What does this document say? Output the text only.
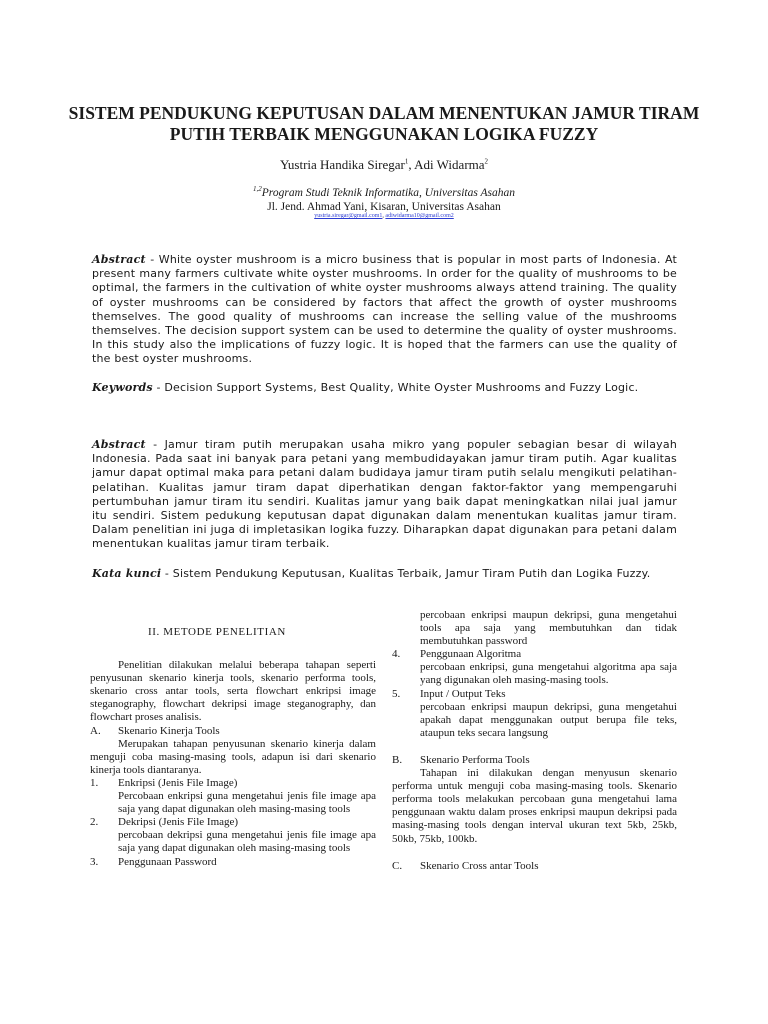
SISTEM PENDUKUNG KEPUTUSAN DALAM MENENTUKAN JAMUR TIRAM PUTIH TERBAIK MENGGUNAKAN LOGIKA FUZZY

Yustria Handika Siregar$^1$, Adi Widarma$^2$

$^{1,2}$Program Studi Teknik Informatika, Universitas Asahan

Jl. Jend. Ahmad Yani, Kisaran, Universitas Asahan

yustria.siregar@gmail.com1, adiwidarma10@gmail.com2

Abstract - White oyster mushroom is a micro business that is popular in most parts of Indonesia. At present many farmers cultivate white oyster mushrooms. In order for the quality of mushrooms to be optimal, the farmers in the cultivation of white oyster mushrooms always attend training. The quality of oyster mushrooms can be considered by factors that affect the growth of oyster mushrooms themselves. The good quality of mushrooms can increase the selling value of the mushrooms themselves. The decision support system can be used to determine the quality of oyster mushrooms. In this study also the implications of fuzzy logic. It is hoped that the farmers can use the quality of the best oyster mushrooms.

Keywords - Decision Support Systems, Best Quality, White Oyster Mushrooms and Fuzzy Logic.

Abstract - Jamur tiram putih merupakan usaha mikro yang populer sebagian besar di wilayah Indonesia. Pada saat ini banyak para petani yang membudidayakan jamur tiram putih. Agar kualitas jamur dapat optimal maka para petani dalam budidaya jamur tiram putih selalu mengikuti pelatihan- pelatihan. Kualitas jamur tiram dapat diperhatikan dengan faktor-faktor yang mempengaruhi pertumbuhan jamur tiram itu sendiri. Kualitas jamur yang baik dapat meningkatkan nilai jual jamur itu sendiri. Sistem pedukung keputusan dapat digunakan dalam menentukan kualitas jamur tiram. Dalam penelitian ini juga di impletasikan logika fuzzy. Diharapkan dapat digunakan para petani dalam menentukan kualitas jamur tiram terbaik.

Kata kunci - Sistem Pendukung Keputusan, Kualitas Terbaik, Jamur Tiram Putih dan Logika Fuzzy.

II. METODE PENELITIAN

Penelitian dilakukan melalui beberapa tahapan seperti penyusunan skenario kinerja tools, skenario performa tools, skenario cross antar tools, serta flowchart enkripsi image steganography, flowchart dekripsi image steganography, dan flowchart proses analisis.

A.	Skenario Kinerja Tools

Merupakan tahapan penyusunan skenario kinerja dalam menguji coba masing-masing tools, adapun isi dari skenario kinerja tools diantaranya.

1.	Enkripsi (Jenis File Image)

Percobaan enkripsi guna mengetahui jenis file image apa saja yang dapat digunakan oleh masing-masing tools

2.	Dekripsi (Jenis File Image)

percobaan dekripsi guna mengetahui jenis file image apa saja yang dapat digunakan oleh masing-masing tools

3.	Penggunaan Password

percobaan enkripsi maupun dekripsi, guna mengetahui tools apa saja yang membutuhkan dan tidak membutuhkan password

4.	Penggunaan Algoritma

percobaan enkripsi, guna mengetahui algoritma apa saja yang digunakan oleh masing-masing tools.

5.	Input / Output Teks

percobaan enkripsi maupun dekripsi, guna mengetahui apakah dapat menggunakan output berupa file teks, ataupun teks secara langsung

B.	Skenario Performa Tools

Tahapan ini dilakukan dengan menyusun skenario performa untuk menguji coba masing-masing tools. Skenario performa tools melakukan percobaan guna mengetahui lama penggunaan waktu dalam proses enkripsi maupun dekripsi pada masing-masing tools dengan interval ukuran text 5kb, 25kb, 50kb, 75kb, 100kb.

C.	Skenario Cross antar Tools
